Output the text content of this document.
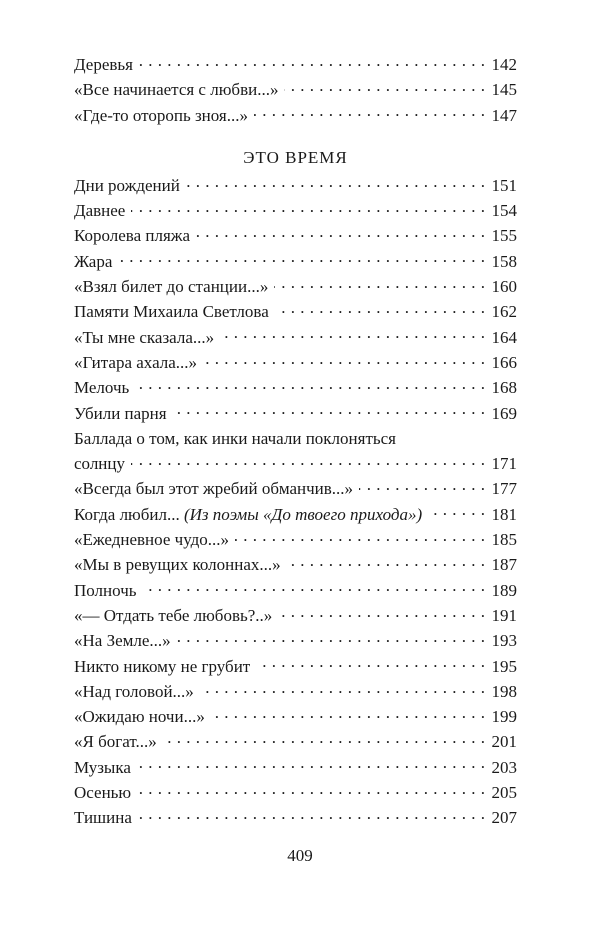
Деревья . . .	142
«Все начинается с любви...» . . .	145
«Где-то оторопь зноя...» . . .	147
ЭТО ВРЕМЯ
Дни рождений . . .	151
Давнее . . .	154
Королева пляжа . . .	155
Жара . . .	158
«Взял билет до станции...» . . .	160
Памяти Михаила Светлова . . .	162
«Ты мне сказала...» . . .	164
«Гитара ахала...» . . .	166
Мелочь . . .	168
Убили парня . . .	169
Баллада о том, как инки начали поклоняться
солнцу . . .	171
«Всегда был этот жребий обманчив...» . . .	177
Когда любил... (Из поэмы «До твоего прихода») . . .	181
«Ежедневное чудо...» . . .	185
«Мы в ревущих колоннах...» . . .	187
Полночь . . .	189
«— Отдать тебе любовь?..» . . .	191
«На Земле...» . . .	193
Никто никому не грубит . . .	195
«Над головой...» . . .	198
«Ожидаю ночи...» . . .	199
«Я богат...» . . .	201
Музыка . . .	203
Осенью . . .	205
Тишина . . .	207
409
